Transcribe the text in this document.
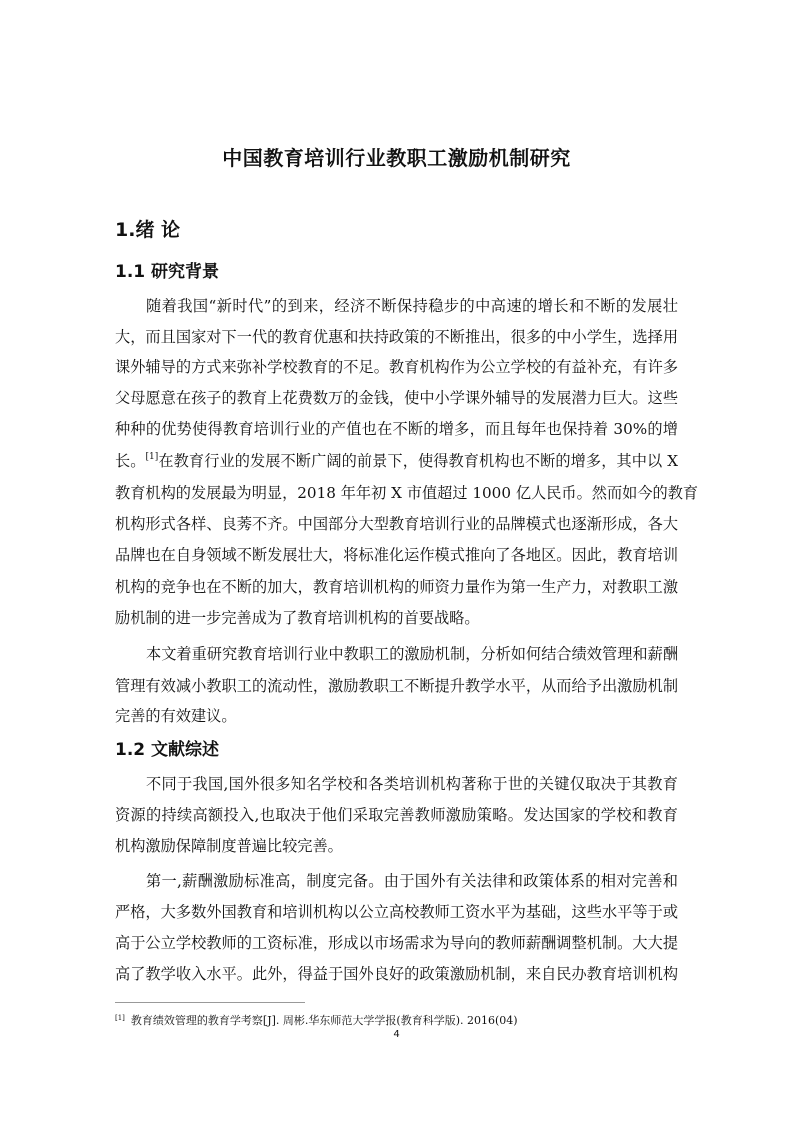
中国教育培训行业教职工激励机制研究
1.绪 论
1.1 研究背景
随着我国“新时代”的到来，经济不断保持稳步的中高速的增长和不断的发展壮
大，而且国家对下一代的教育优惠和扶持政策的不断推出，很多的中小学生，选择用
课外辅导的方式来弥补学校教育的不足。教育机构作为公立学校的有益补充，有许多
父母愿意在孩子的教育上花费数万的金钱，使中小学课外辅导的发展潜力巨大。这些
种种的优势使得教育培训行业的产值也在不断的增多，而且每年也保持着 30%的增
长。[1]在教育行业的发展不断广阔的前景下，使得教育机构也不断的增多，其中以 X
教育机构的发展最为明显，2018 年年初 X 市值超过 1000 亿人民币。然而如今的教育
机构形式各样、良莠不齐。中国部分大型教育培训行业的品牌模式也逐渐形成，各大
品牌也在自身领域不断发展壮大，将标准化运作模式推向了各地区。因此，教育培训
机构的竞争也在不断的加大，教育培训机构的师资力量作为第一生产力，对教职工激
励机制的进一步完善成为了教育培训机构的首要战略。
本文着重研究教育培训行业中教职工的激励机制，分析如何结合绩效管理和薪酬
管理有效减小教职工的流动性，激励教职工不断提升教学水平，从而给予出激励机制
完善的有效建议。
1.2 文献综述
不同于我国,国外很多知名学校和各类培训机构著称于世的关键仅取决于其教育
资源的持续高额投入,也取决于他们采取完善教师激励策略。发达国家的学校和教育
机构激励保障制度普遍比较完善。
第一,薪酬激励标准高，制度完备。由于国外有关法律和政策体系的相对完善和
严格，大多数外国教育和培训机构以公立高校教师工资水平为基础，这些水平等于或
高于公立学校教师的工资标准，形成以市场需求为导向的教师薪酬调整机制。大大提
高了教学收入水平。此外，得益于国外良好的政策激励机制，来自民办教育培训机构
[1] 教育绩效管理的教育学考察[J]. 周彬.华东师范大学学报(教育科学版). 2016(04)
4
